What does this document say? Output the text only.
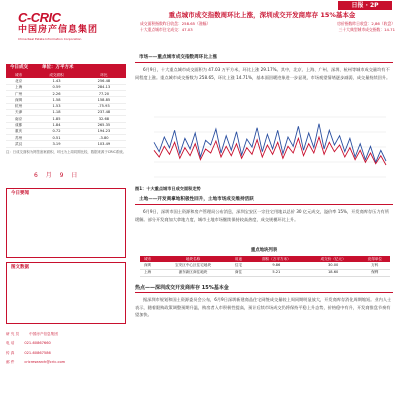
日报 · 2P
C-CRIC
中国房产信息集团
China Real Estate Information Corporation
重点城市成交指数周环比上涨，深圳成交开发商库存 15%基本金
成交面积指数昨日收盘：258.65（涨幅）	房价指数昨日收盘：2,86（收盘）
十大重点城市住宅成交：47.03	三十大典型城市成交指数：14.71
今日成交	单位：万平方米
城市	成交面积	环比
北京	1.43	256.48
上海	0.59	284.13
广州	2.26	77.20
深圳	1.58	158.85
杭州	1.53	-75.93
天津	1.18	237.48
南京	1.85	32.68
成都	1.84	265.35
重庆	0.72	194.23
苏州	0.51	-3.80
武汉	3.19	103.49
注：日成交面积为网签备案面积，环比为上周同期比较，数据来源于CRIC系统。
6 月 9 日
今日要闻
图文数据
研 究 员	中国房产信息集团
电 话	021-60867660
传 真	021-60867586
邮 件	cricresearch@cric.com
市场——重点城市成交指数周环比上涨
6月9日，十大重点城市成交面积为 47.03 万平方米，环比上涨 29.17%。其中，北京、上海、广州、深圳、杭州等城市成交量均有不同程度上涨。重点城市成交指数为 258.65，环比上涨 14.71%，基本面回暖迹象进一步显现，市场观望情绪逐步减弱，成交量持续回升。
图1：十大重点城市日成交面积走势
土地——开发商拿地积极性回升，土地市场成交维持活跃
6月9日，深圳市国土资源和房产管理局公布消息，深圳宝安区一宗住宅用地以总价 30 亿元成交，溢价率 15%，开发商库存压力有所缓解。部分开发商加大拿地力度，城市土地市场继续保持较高热度，成交规模环比上升。
重点地块列表
城市	地块名称	用途	面积（万平方米）	成交价（亿元）	竞得单位
深圳	宝安区中心区住宅地块	住宅	9.86	30.00	万科
上海	浦东新区商住地块	商住	5.21	18.60	保利
热点——深圳成交开发商库存 15%基本金
据深圳市规划和国土资源委员会公布，6月9日深圳新建商品住宅网签成交量较上周同期明显放大，开发商库存消化周期缩短。业内人士表示，随着限购政策调整预期升温，购房者入市积极性提高，预计后续市场成交仍将保持平稳上升态势，价格稳中有升，开发商推盘节奏有望加快。
